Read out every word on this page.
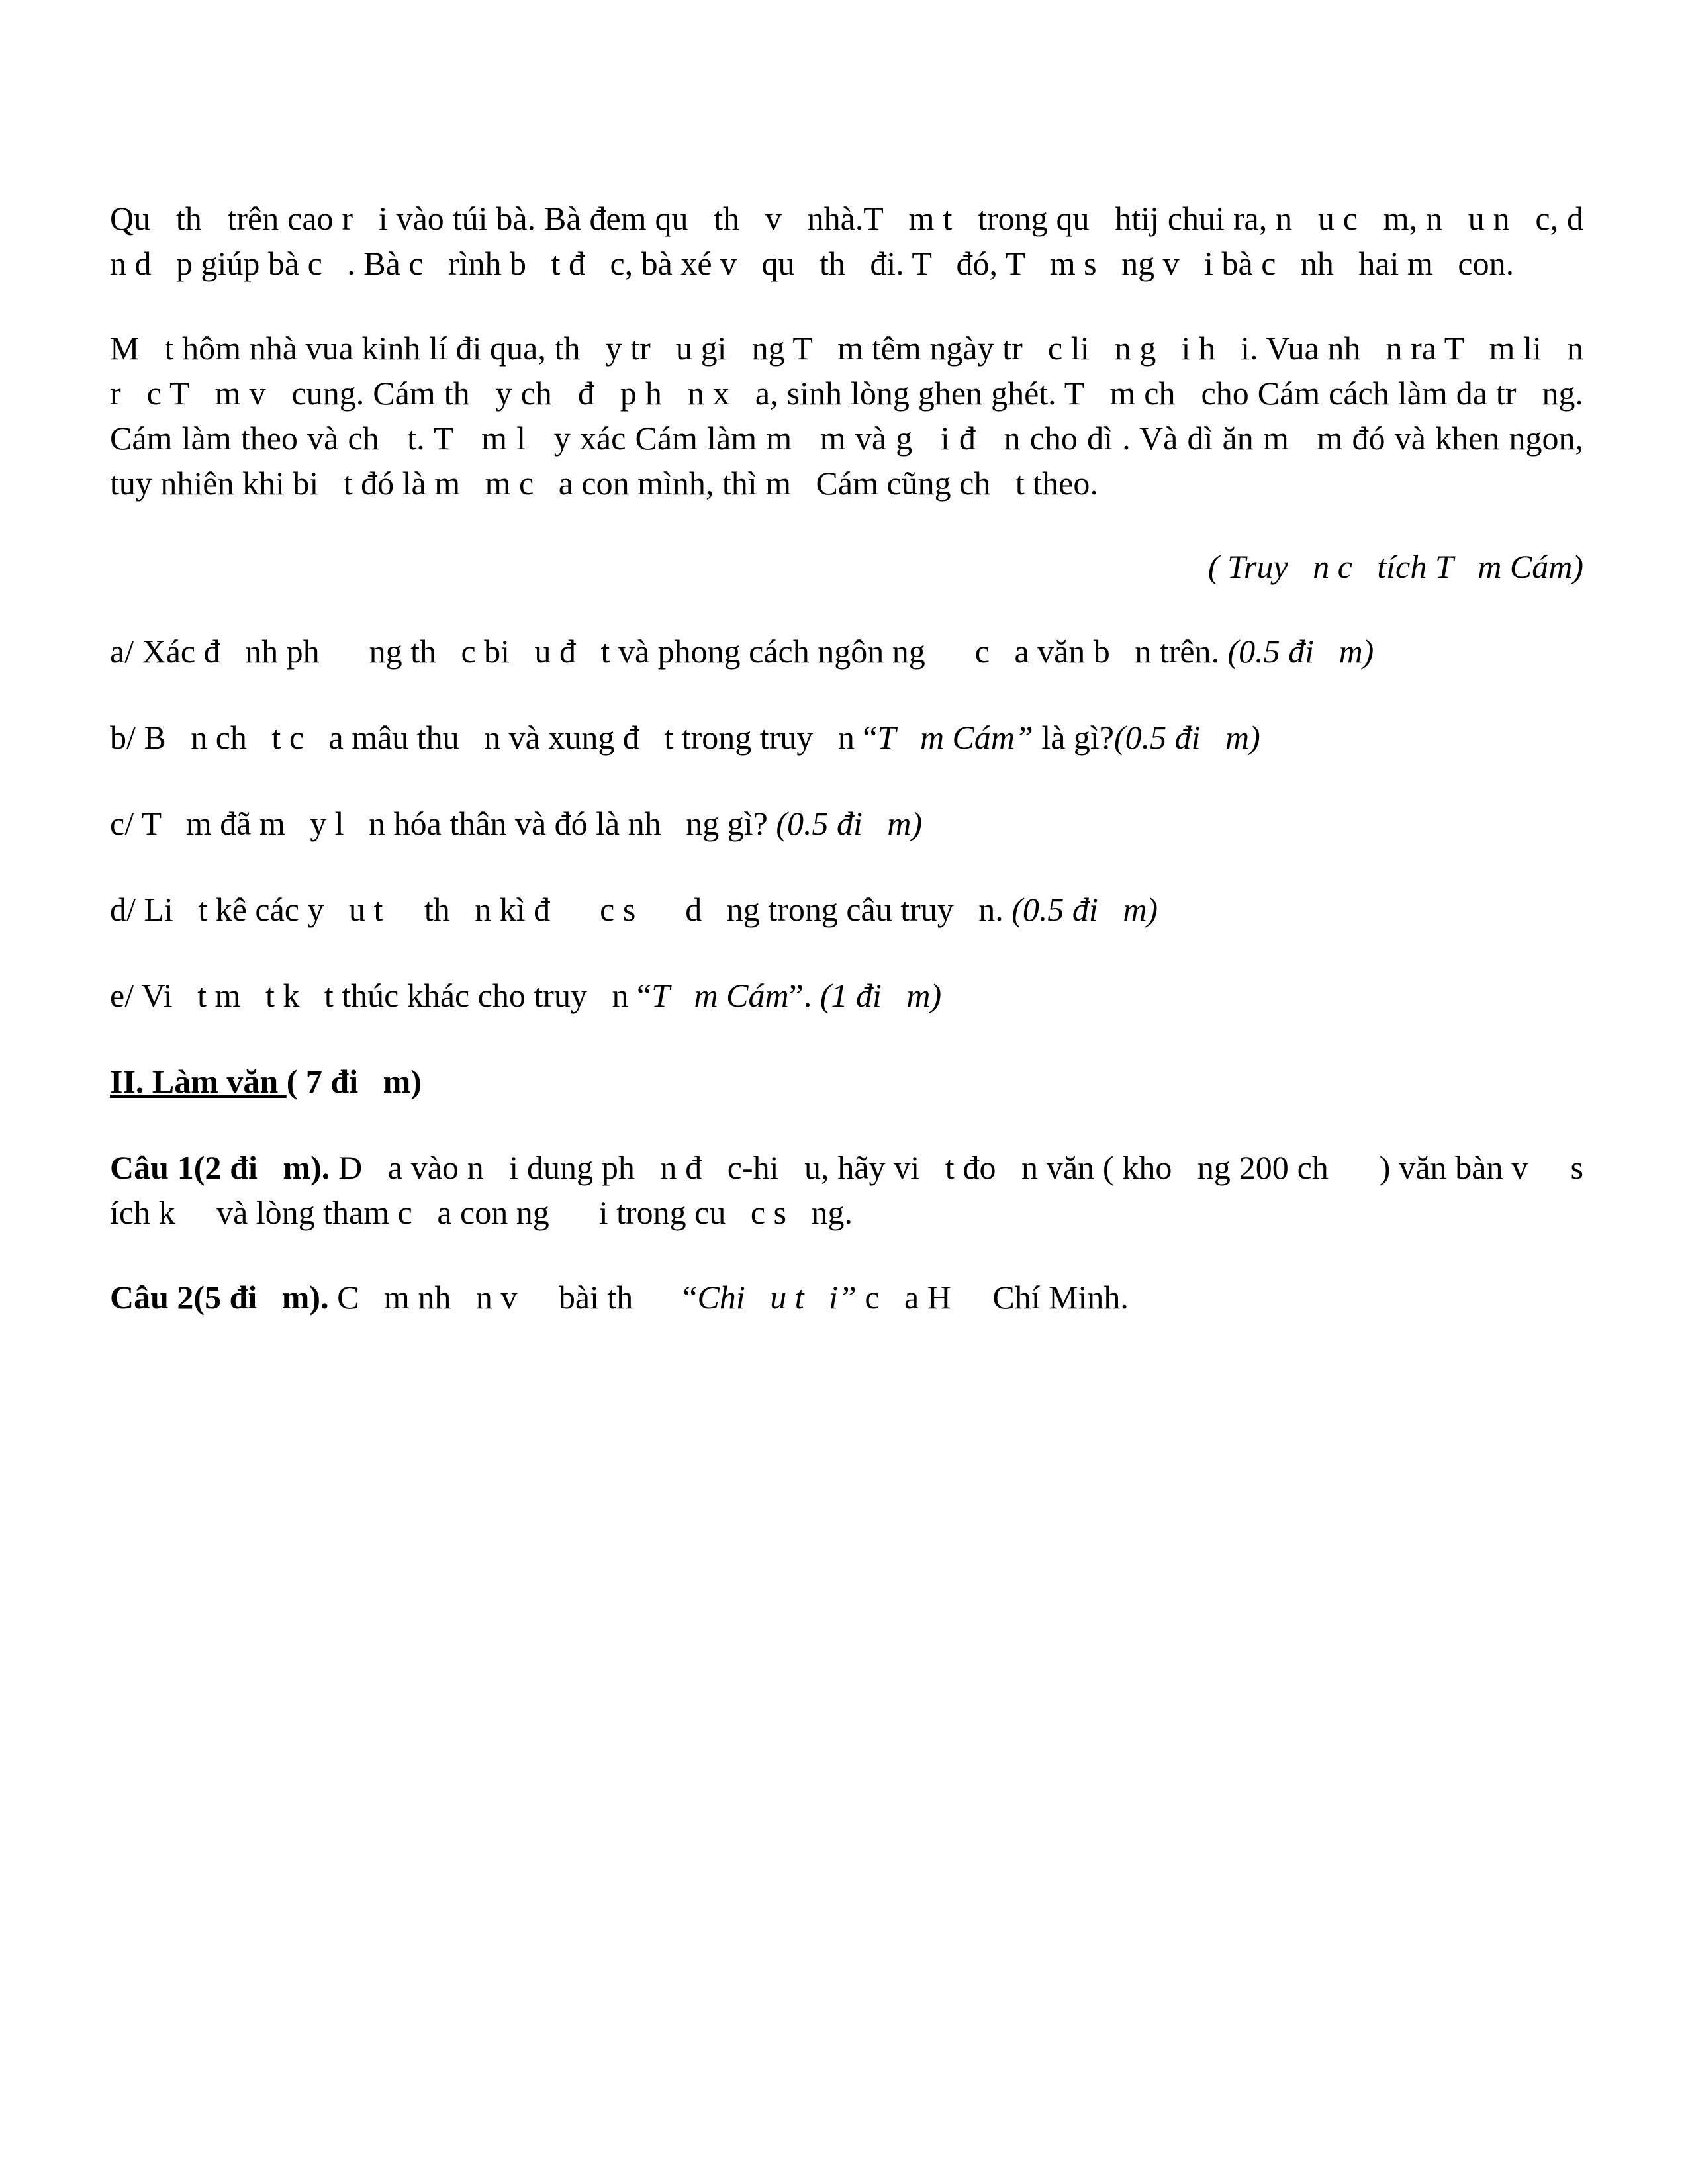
Qu   th   trên cao r   i vào túi bà. Bà đem qu   th   v   nhà.T   m t   trong qu   htij chui ra, n   u c   m, n   u n   c, d   n d   p giúp bà c   . Bà c   rình b   t đ   c, bà xé v   qu   th   đi. T   đó, T   m s   ng v   i bà c   nh   hai m   con.

M   t hôm nhà vua kinh lí đi qua, th   y tr   u gi   ng T   m têm ngày tr   c li   n g   i h   i. Vua nh   n ra T   m li   n r   c T   m v   cung. Cám th   y ch   đ   p h   n x   a, sinh lòng ghen ghét. T   m ch   cho Cám cách làm da tr   ng. Cám làm theo và ch   t. T   m l   y xác Cám làm m   m và g   i đ   n cho dì . Và dì ăn m   m đó và khen ngon, tuy nhiên khi bi   t đó là m   m c   a con mình, thì m   Cám cũng ch   t theo.

( Truy   n c   tích T   m Cám)

a/ Xác đ   nh ph      ng th   c bi   u đ   t và phong cách ngôn ng      c   a văn b   n trên. (0.5 đi   m)

b/ B   n ch   t c   a mâu thu   n và xung đ   t trong truy   n “T   m Cám” là gì?(0.5 đi   m)

c/ T   m đã m   y l   n hóa thân và đó là nh   ng gì? (0.5 đi   m)

d/ Li   t kê các y   u t     th   n kì đ      c s      d   ng trong câu truy   n. (0.5 đi   m)

e/ Vi   t m   t k   t thúc khác cho truy   n “T   m Cám”. (1 đi   m)

II. Làm văn ( 7 đi   m)

Câu 1(2 đi   m). D   a vào n   i dung ph   n đ   c-hi   u, hãy vi   t đo   n văn ( kho   ng 200 ch      ) văn bàn v     s   ích k     và lòng tham c   a con ng      i trong cu   c s   ng.

Câu 2(5 đi   m). C   m nh   n v     bài th      “Chi   u t   i” c   a H     Chí Minh.
